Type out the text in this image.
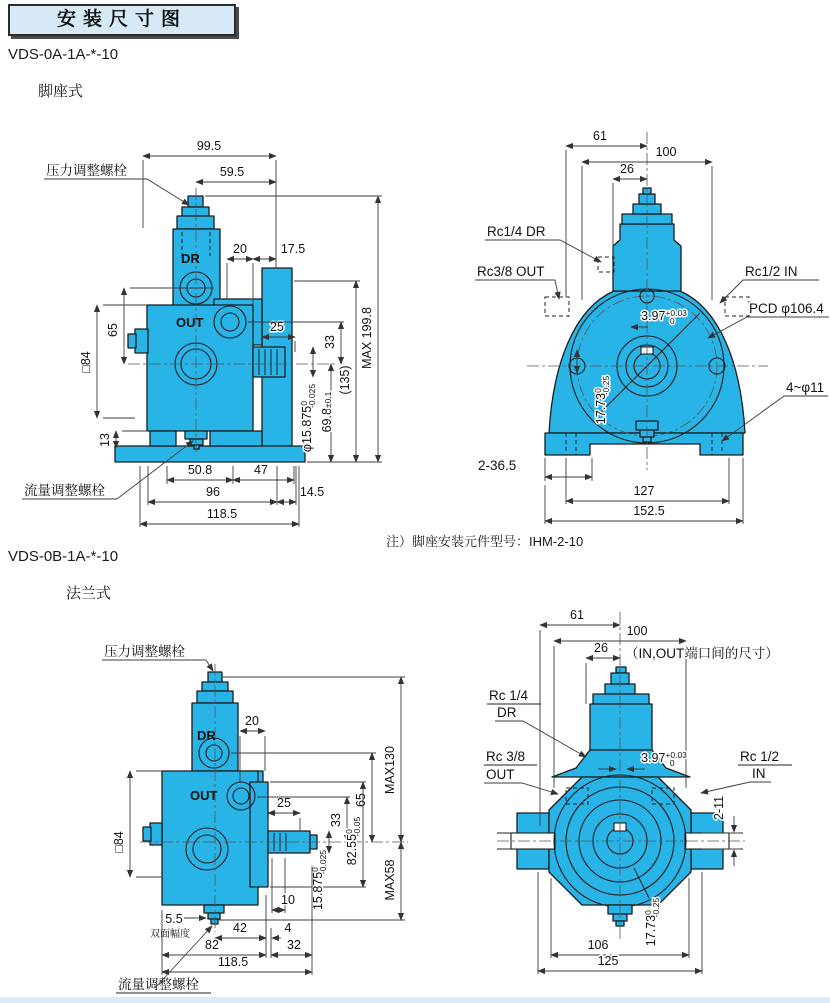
安装尺寸图
VDS-0A-1A-*-10
脚座式
99.5
59.5
压力调整螺栓
20	17.5
65
□84
13
25
33
(135)
MAX 199.8
φ15.875$^0$-0.025
69.8±0.1
50.8	47
96	14.5
118.5
流量调整螺栓
DR
OUT
61
100
26
Rc1/4 DR
Rc3/8 OUT	Rc1/2 IN
PCD φ106.4
$3.97^{+0.03}$ 0
17.73$^0$-0.25	4~φ11
2-36.5
127
152.5
注）脚座安装元件型号：IHM-2-10
VDS-0B-1A-*-10
法兰式
压力调整螺栓
20
25
33
65
MAX130
MAX58
82.55$^0$-0.05
15.875$^0$-0.025
□84
10
5.5
双面幅度	42	4
82	32
118.5
流量调整螺栓
DR
OUT
61
100
26 （IN,OUT端口间的尺寸）
Rc 1/4
DR
Rc 3/8
OUT
$3.97^{+0.03}$ 0	Rc 1/2
IN
2-11
17.73$^0$-0.25
106
125
